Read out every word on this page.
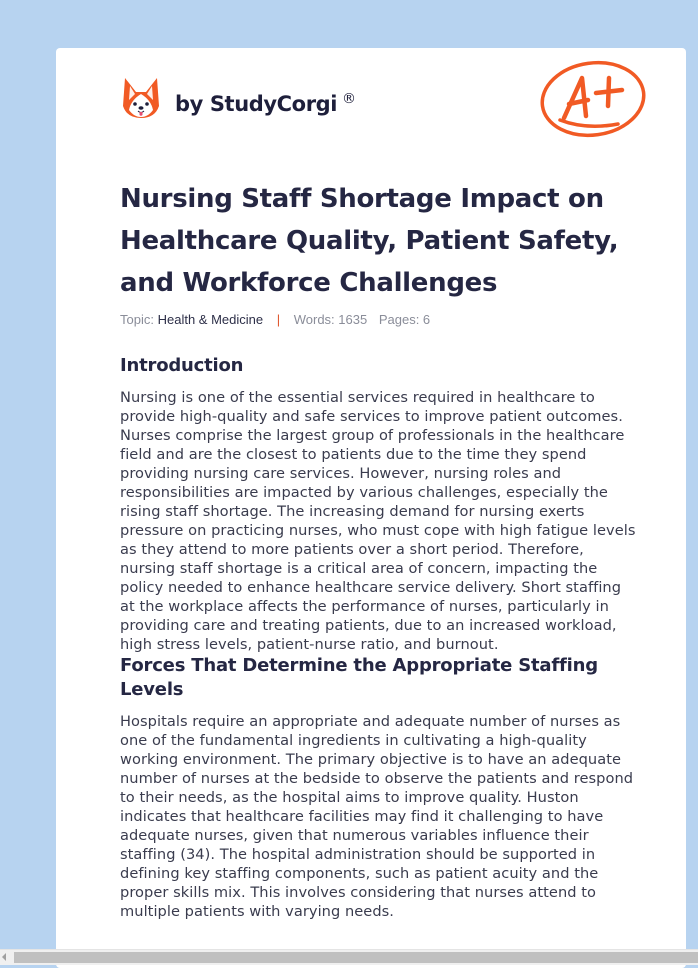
by StudyCorgi ®
Nursing Staff Shortage Impact on Healthcare Quality, Patient Safety, and Workforce Challenges
Topic: Health & Medicine | Words: 1635 Pages: 6
Introduction

Nursing is one of the essential services required in healthcare to provide high-quality and safe services to improve patient outcomes. Nurses comprise the largest group of professionals in the healthcare field and are the closest to patients due to the time they spend providing nursing care services. However, nursing roles and responsibilities are impacted by various challenges, especially the rising staff shortage. The increasing demand for nursing exerts pressure on practicing nurses, who must cope with high fatigue levels as they attend to more patients over a short period. Therefore, nursing staff shortage is a critical area of concern, impacting the policy needed to enhance healthcare service delivery. Short staffing at the workplace affects the performance of nurses, particularly in providing care and treating patients, due to an increased workload, high stress levels, patient-nurse ratio, and burnout.

Forces That Determine the Appropriate Staffing Levels

Hospitals require an appropriate and adequate number of nurses as one of the fundamental ingredients in cultivating a high-quality working environment. The primary objective is to have an adequate number of nurses at the bedside to observe the patients and respond to their needs, as the hospital aims to improve quality. Huston indicates that healthcare facilities may find it challenging to have adequate nurses, given that numerous variables influence their staffing (34). The hospital administration should be supported in defining key staffing components, such as patient acuity and the proper skills mix. This involves considering that nurses attend to multiple patients with varying needs.
